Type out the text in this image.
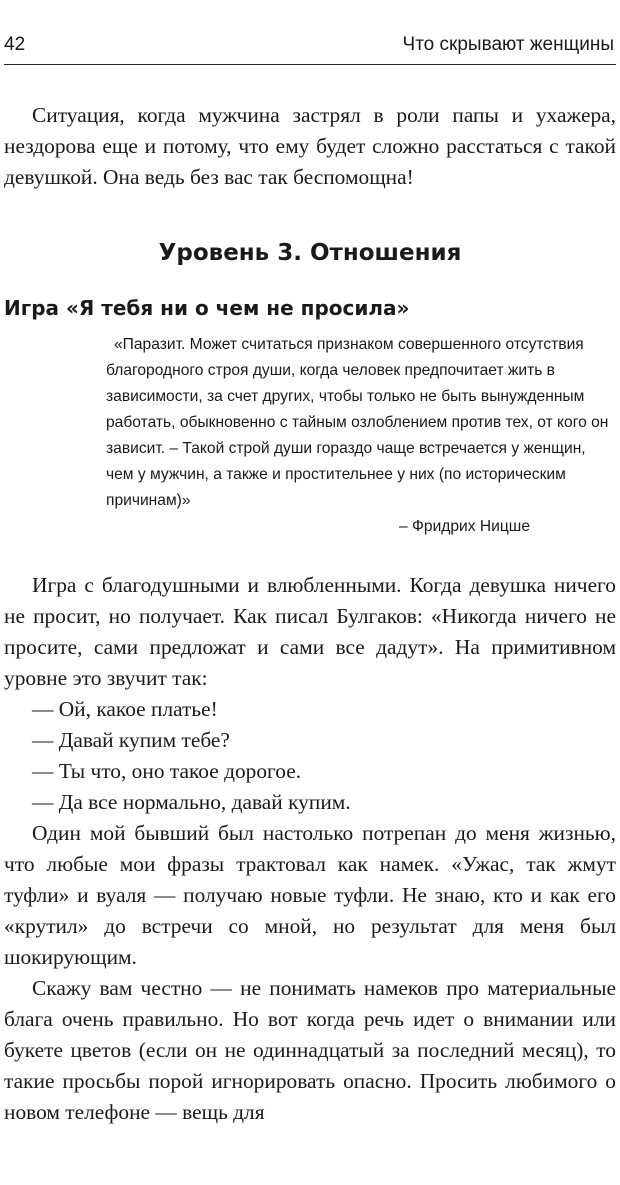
42	Что скрывают женщины

Ситуация, когда мужчина застрял в роли папы и ухажера, нездорова еще и потому, что ему будет сложно расстаться с такой девушкой. Она ведь без вас так беспомощна!

Уровень 3. Отношения
Игра «Я тебя ни о чем не просила»

«Паразит. Может считаться признаком совершенного отсутствия благородного строя души, когда человек предпочитает жить в зависимости, за счет других, чтобы только не быть вынужденным работать, обыкновенно с тайным озлоблением против тех, от кого он зависит. – Такой строй души гораздо чаще встречается у женщин, чем у мужчин, а также и простительнее у них (по историческим причинам)»

– Фридрих Ницше

Игра с благодушными и влюбленными. Когда девушка ничего не просит, но получает. Как писал Булгаков: «Никогда ничего не просите, сами предложат и сами все дадут». На примитивном уровне это звучит так:

— Ой, какое платье!

— Давай купим тебе?

— Ты что, оно такое дорогое.

— Да все нормально, давай купим.

Один мой бывший был настолько потрепан до меня жизнью, что любые мои фразы трактовал как намек. «Ужас, так жмут туфли» и вуаля — получаю новые туфли. Не знаю, кто и как его «крутил» до встречи со мной, но результат для меня был шокирующим.

Скажу вам честно — не понимать намеков про материальные блага очень правильно. Но вот когда речь идет о внимании или букете цветов (если он не одиннадцатый за последний месяц), то такие просьбы порой игнорировать опасно. Просить любимого о новом телефоне — вещь для
